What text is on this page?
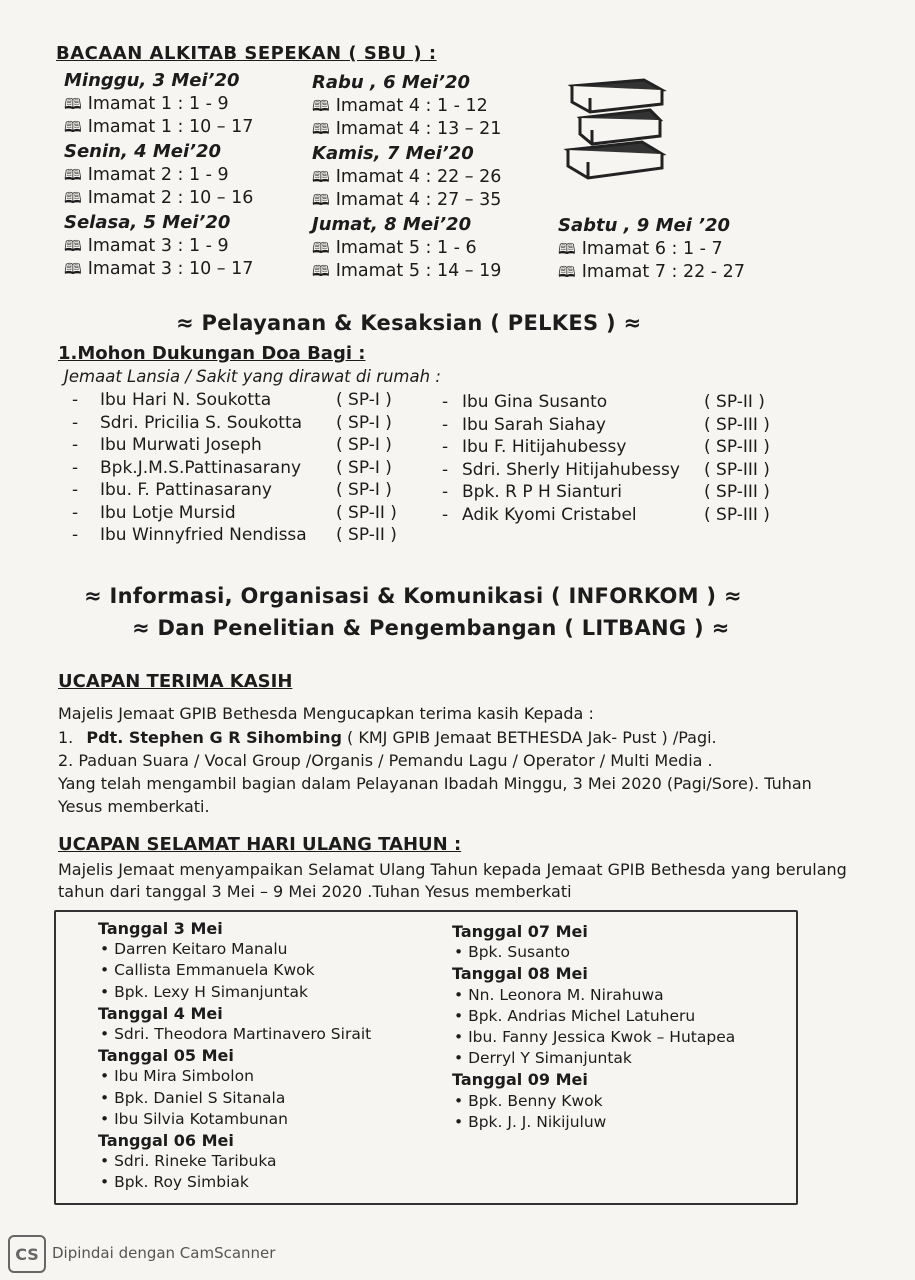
BACAAN ALKITAB SEPEKAN ( SBU ) :
Minggu, 3 Mei’20
🕮 Imamat 1 : 1 - 9
🕮 Imamat 1 : 10 – 17
Senin, 4 Mei’20
🕮 Imamat 2 : 1 - 9
🕮 Imamat 2 : 10 – 16
Selasa, 5 Mei’20
🕮 Imamat 3 : 1 - 9
🕮 Imamat 3 : 10 – 17
Rabu , 6 Mei’20
🕮 Imamat 4 : 1 - 12
🕮 Imamat 4 : 13 – 21
Kamis, 7 Mei’20
🕮 Imamat 4 : 22 – 26
🕮 Imamat 4 : 27 – 35
Jumat, 8 Mei’20
🕮 Imamat 5 : 1 - 6
🕮 Imamat 5 : 14 – 19
Sabtu , 9 Mei ’20
🕮 Imamat 6 : 1 - 7
🕮 Imamat 7 : 22 - 27
≈ Pelayanan & Kesaksian ( PELKES ) ≈
1.Mohon Dukungan Doa Bagi :
Jemaat Lansia / Sakit yang dirawat di rumah :
- Ibu Hari N. Soukotta	( SP-I )
- Sdri. Pricilia S. Soukotta ( SP-I )
- Ibu Murwati Joseph	( SP-I )
- Bpk.J.M.S.Pattinasarany ( SP-I )
- Ibu. F. Pattinasarany	( SP-I )
- Ibu Lotje Mursid	( SP-II )
- Ibu Winnyfried Nendissa ( SP-II )
- Ibu Gina Susanto	( SP-II )
- Ibu Sarah Siahay	( SP-III )
- Ibu F. Hitijahubessy	( SP-III )
- Sdri. Sherly Hitijahubessy ( SP-III )
- Bpk. R P H Sianturi	( SP-III )
- Adik Kyomi Cristabel	( SP-III )
≈ Informasi, Organisasi & Komunikasi ( INFORKOM ) ≈
≈ Dan Penelitian & Pengembangan ( LITBANG ) ≈
UCAPAN TERIMA KASIH
Majelis Jemaat GPIB Bethesda Mengucapkan terima kasih Kepada :
1. Pdt. Stephen G R Sihombing ( KMJ GPIB Jemaat BETHESDA Jak- Pust ) /Pagi.
2. Paduan Suara / Vocal Group /Organis / Pemandu Lagu / Operator / Multi Media .
Yang telah mengambil bagian dalam Pelayanan Ibadah Minggu, 3 Mei 2020 (Pagi/Sore). Tuhan
Yesus memberkati.
UCAPAN SELAMAT HARI ULANG TAHUN :
Majelis Jemaat menyampaikan Selamat Ulang Tahun kepada Jemaat GPIB Bethesda yang berulang
tahun dari tanggal 3 Mei – 9 Mei 2020 .Tuhan Yesus memberkati
Tanggal 3 Mei
• Darren Keitaro Manalu
• Callista Emmanuela Kwok
• Bpk. Lexy H Simanjuntak
Tanggal 4 Mei
• Sdri. Theodora Martinavero Sirait
Tanggal 05 Mei
• Ibu Mira Simbolon
• Bpk. Daniel S Sitanala
• Ibu Silvia Kotambunan
Tanggal 06 Mei
• Sdri. Rineke Taribuka
• Bpk. Roy Simbiak
Tanggal 07 Mei
• Bpk. Susanto
Tanggal 08 Mei
• Nn. Leonora M. Nirahuwa
• Bpk. Andrias Michel Latuheru
• Ibu. Fanny Jessica Kwok – Hutapea
• Derryl Y Simanjuntak
Tanggal 09 Mei
• Bpk. Benny Kwok
• Bpk. J. J. Nikijuluw
CS Dipindai dengan CamScanner
